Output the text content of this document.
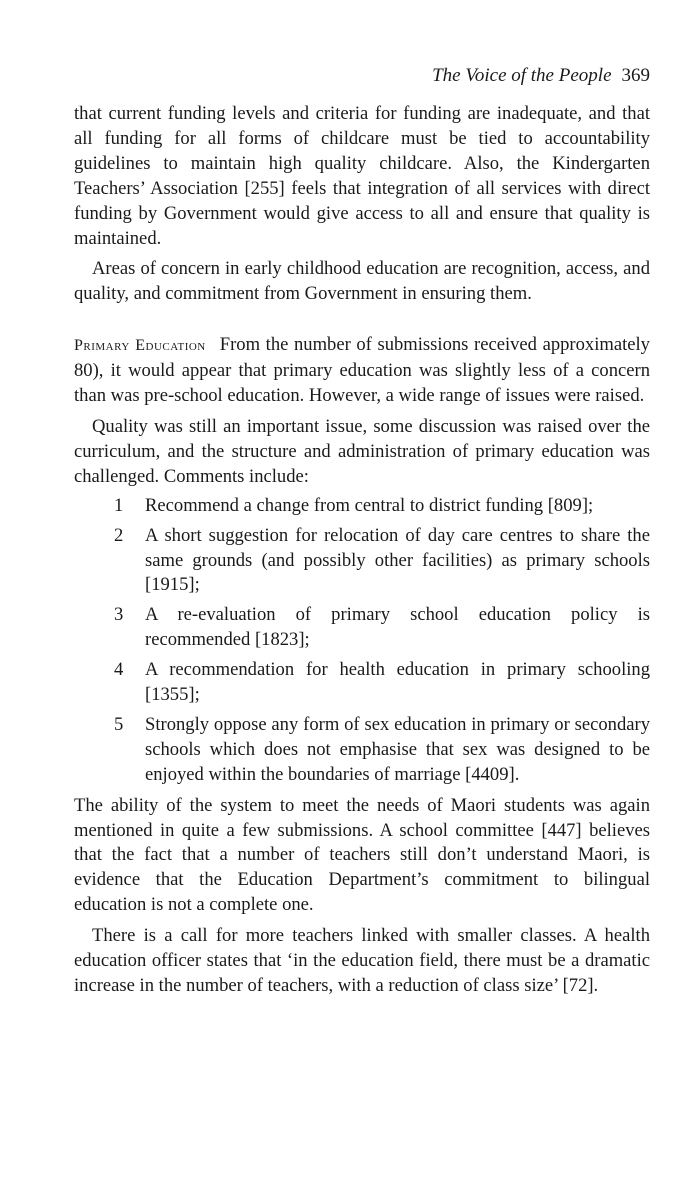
The Voice of the People 369

that current funding levels and criteria for funding are inadequate, and that all funding for all forms of childcare must be tied to accountability guidelines to maintain high quality childcare. Also, the Kindergarten Teachers’ Association [255] feels that integration of all services with direct funding by Government would give access to all and ensure that quality is maintained.

Areas of concern in early childhood education are recognition, access, and quality, and commitment from Government in ensuring them.

Primary Education From the number of submissions received approximately 80), it would appear that primary education was slightly less of a concern than was pre-school education. However, a wide range of issues were raised.

Quality was still an important issue, some discussion was raised over the curriculum, and the structure and administration of primary education was challenged. Comments include:

1 Recommend a change from central to district funding [809];
2 A short suggestion for relocation of day care centres to share the same grounds (and possibly other facilities) as primary schools [1915];
3 A re-evaluation of primary school education policy is recommended [1823];
4 A recommendation for health education in primary schooling [1355];
5 Strongly oppose any form of sex education in primary or secondary schools which does not emphasise that sex was designed to be enjoyed within the boundaries of marriage [4409].

The ability of the system to meet the needs of Maori students was again mentioned in quite a few submissions. A school committee [447] believes that the fact that a number of teachers still don’t understand Maori, is evidence that the Education Department’s commitment to bilingual education is not a complete one.

There is a call for more teachers linked with smaller classes. A health education officer states that ‘in the education field, there must be a dramatic increase in the number of teachers, with a reduction of class size’ [72].
